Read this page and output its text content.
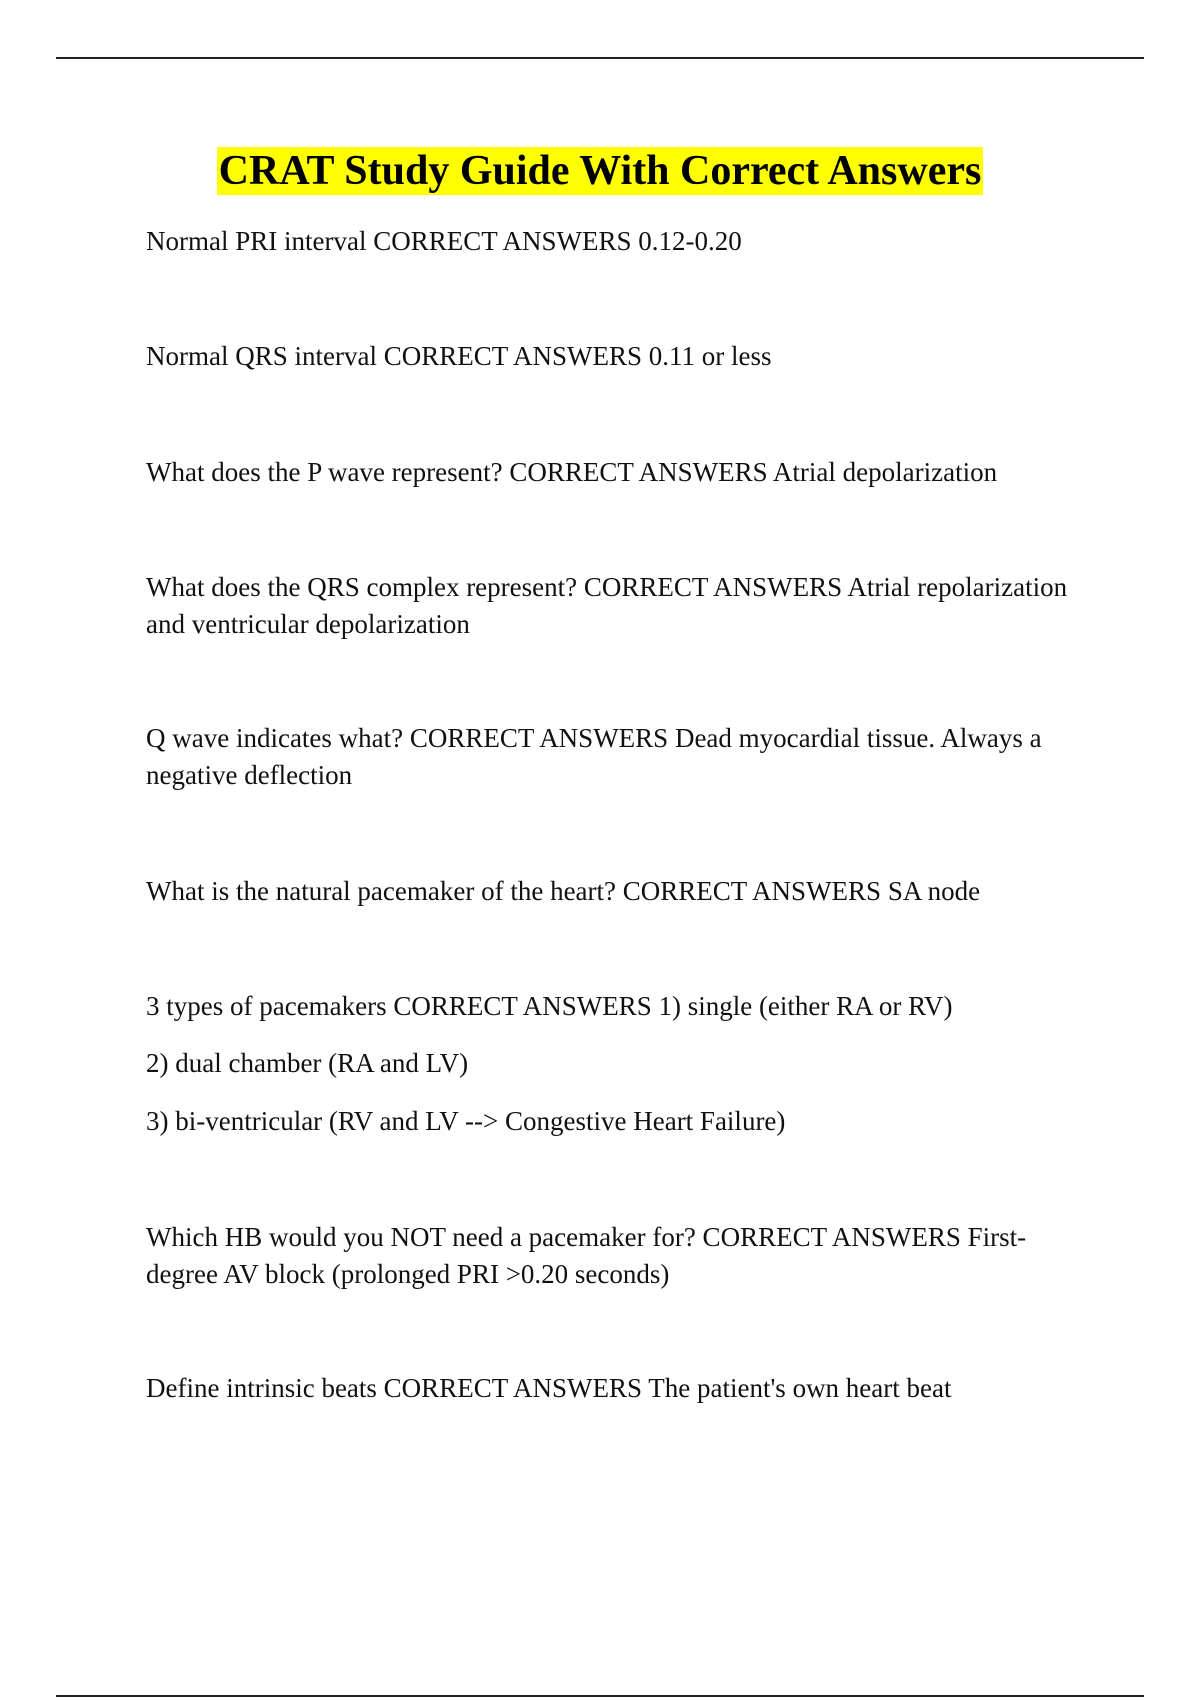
CRAT Study Guide With Correct Answers

Normal PRI interval CORRECT ANSWERS 0.12-0.20

Normal QRS interval CORRECT ANSWERS 0.11 or less

What does the P wave represent? CORRECT ANSWERS Atrial depolarization

What does the QRS complex represent? CORRECT ANSWERS Atrial repolarization and ventricular depolarization

Q wave indicates what? CORRECT ANSWERS Dead myocardial tissue. Always a negative deflection

What is the natural pacemaker of the heart? CORRECT ANSWERS SA node

3 types of pacemakers CORRECT ANSWERS 1) single (either RA or RV)

2) dual chamber (RA and LV)

3) bi-ventricular (RV and LV --> Congestive Heart Failure)

Which HB would you NOT need a pacemaker for? CORRECT ANSWERS First-degree AV block (prolonged PRI >0.20 seconds)

Define intrinsic beats CORRECT ANSWERS The patient's own heart beat
